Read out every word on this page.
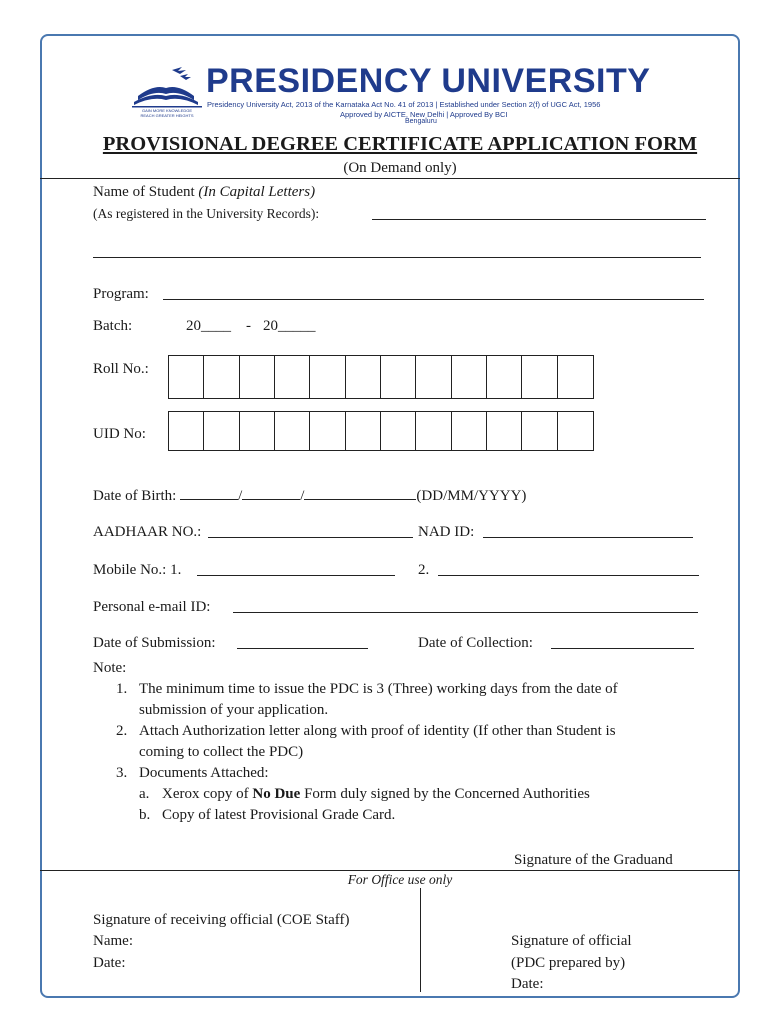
GAIN MORE KNOWLEDGE
REACH GREATER HEIGHTS
PRESIDENCY UNIVERSITY
Presidency University Act, 2013 of the Karnataka Act No. 41 of 2013 | Established under Section 2(f) of UGC Act, 1956
Approved by AICTE, New Delhi | Approved By BCI
Bengaluru
PROVISIONAL DEGREE CERTIFICATE APPLICATION FORM
(On Demand only)
Name of Student (In Capital Letters)
(As registered in the University Records):
Program:
Batch:	20____ - 20_____
Roll No.:
UID No:
Date of Birth:	/	/	(DD/MM/YYYY)
AADHAAR NO.:	NAD ID:
Mobile No.: 1.	2.
Personal e-mail ID:
Date of Submission:	Date of Collection:
Note:
1. The minimum time to issue the PDC is 3 (Three) working days from the date of
submission of your application.
2. Attach Authorization letter along with proof of identity (If other than Student is
coming to collect the PDC)
3. Documents Attached:
a. Xerox copy of No Due Form duly signed by the Concerned Authorities
b. Copy of latest Provisional Grade Card.
Signature of the Graduand
For Office use only
Signature of receiving official (COE Staff)
Name:
Date:
Signature of official
(PDC prepared by)
Date:
